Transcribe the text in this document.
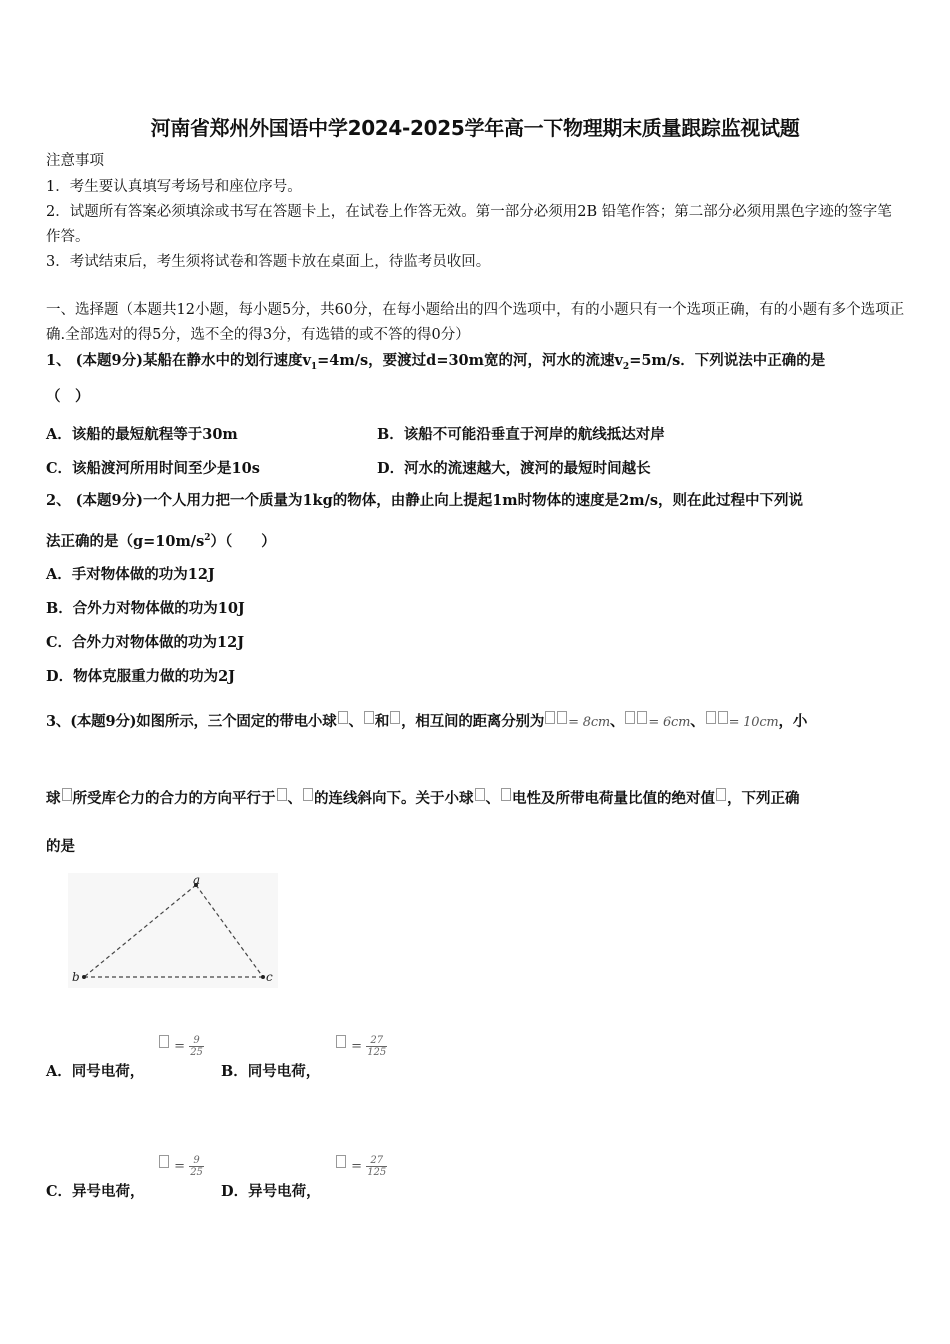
河南省郑州外国语中学2024-2025学年高一下物理期末质量跟踪监视试题
注意事项
1．考生要认真填写考场号和座位序号。
2．试题所有答案必须填涂或书写在答题卡上，在试卷上作答无效。第一部分必须用2B 铅笔作答；第二部分必须用黑色字迹的签字笔作答。
3．考试结束后，考生须将试卷和答题卡放在桌面上，待监考员收回。
一、选择题（本题共12小题，每小题5分，共60分，在每小题给出的四个选项中，有的小题只有一个选项正确，有的小题有多个选项正确.全部选对的得5分，选不全的得3分，有选错的或不答的得0分）
1、 (本题9分)某船在静水中的划行速度$v_1=4m/s$，要渡过d=30m宽的河，河水的流速$v_2=5m/s$．下列说法中正确的是
（　）
A．该船的最短航程等于30m	B．该船不可能沿垂直于河岸的航线抵达对岸
C．该船渡河所用时间至少是10s	D．河水的流速越大，渡河的最短时间越长
2、 (本题9分)一个人用力把一个质量为1kg的物体，由静止向上提起1m时物体的速度是2m/s，则在此过程中下列说
法正确的是$(g=10m/s^2)$（　　）
A．手对物体做的功为12J
B．合外力对物体做的功为10J
C．合外力对物体做的功为12J
D．物体克服重力做的功为2J
3、(本题9分)如图所示，三个固定的带电小球 、 和 ，相互间的距离分别为 = 8cm、 = 6cm、 = 10cm，小
球 所受库仑力的合力的方向平行于 、 的连线斜向下。关于小球 、 电性及所带电荷量比值的绝对值 ，下列正确
的是
a
b	c
A．同号电荷，
= $\frac{9}{25}$
B．同号电荷，
= $\frac{27}{125}$
C．异号电荷，
= $\frac{9}{25}$
D．异号电荷，
= $\frac{27}{125}$
